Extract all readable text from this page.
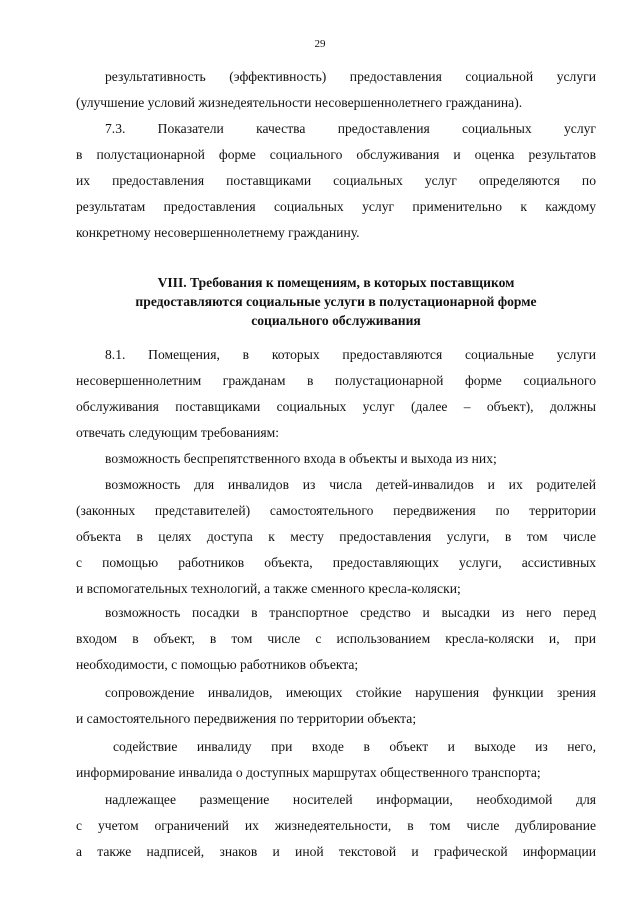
29
результативность (эффективность) предоставления социальной услуги
(улучшение условий жизнедеятельности несовершеннолетнего гражданина).
7.3. Показатели качества предоставления социальных услуг
в полустационарной форме социального обслуживания и оценка результатов
их предоставления поставщиками социальных услуг определяются по
результатам предоставления социальных услуг применительно к каждому
конкретному несовершеннолетнему гражданину.
VIII. Требования к помещениям, в которых поставщиком
предоставляются социальные услуги в полустационарной форме
социального обслуживания
8.1. Помещения, в которых предоставляются социальные услуги
несовершеннолетним гражданам в полустационарной форме социального
обслуживания поставщиками социальных услуг (далее – объект), должны
отвечать следующим требованиям:
возможность беспрепятственного входа в объекты и выхода из них;
возможность для инвалидов из числа детей-инвалидов и их родителей
(законных представителей) самостоятельного передвижения по территории
объекта в целях доступа к месту предоставления услуги, в том числе
с помощью работников объекта, предоставляющих услуги, ассистивных
и вспомогательных технологий, а также сменного кресла-коляски;
возможность посадки в транспортное средство и высадки из него перед
входом в объект, в том числе с использованием кресла-коляски и, при
необходимости, с помощью работников объекта;
сопровождение инвалидов, имеющих стойкие нарушения функции зрения
и самостоятельного передвижения по территории объекта;
содействие инвалиду при входе в объект и выходе из него,
информирование инвалида о доступных маршрутах общественного транспорта;
надлежащее размещение носителей информации, необходимой для
с учетом ограничений их жизнедеятельности, в том числе дублирование
а также надписей, знаков и иной текстовой и графической информации
